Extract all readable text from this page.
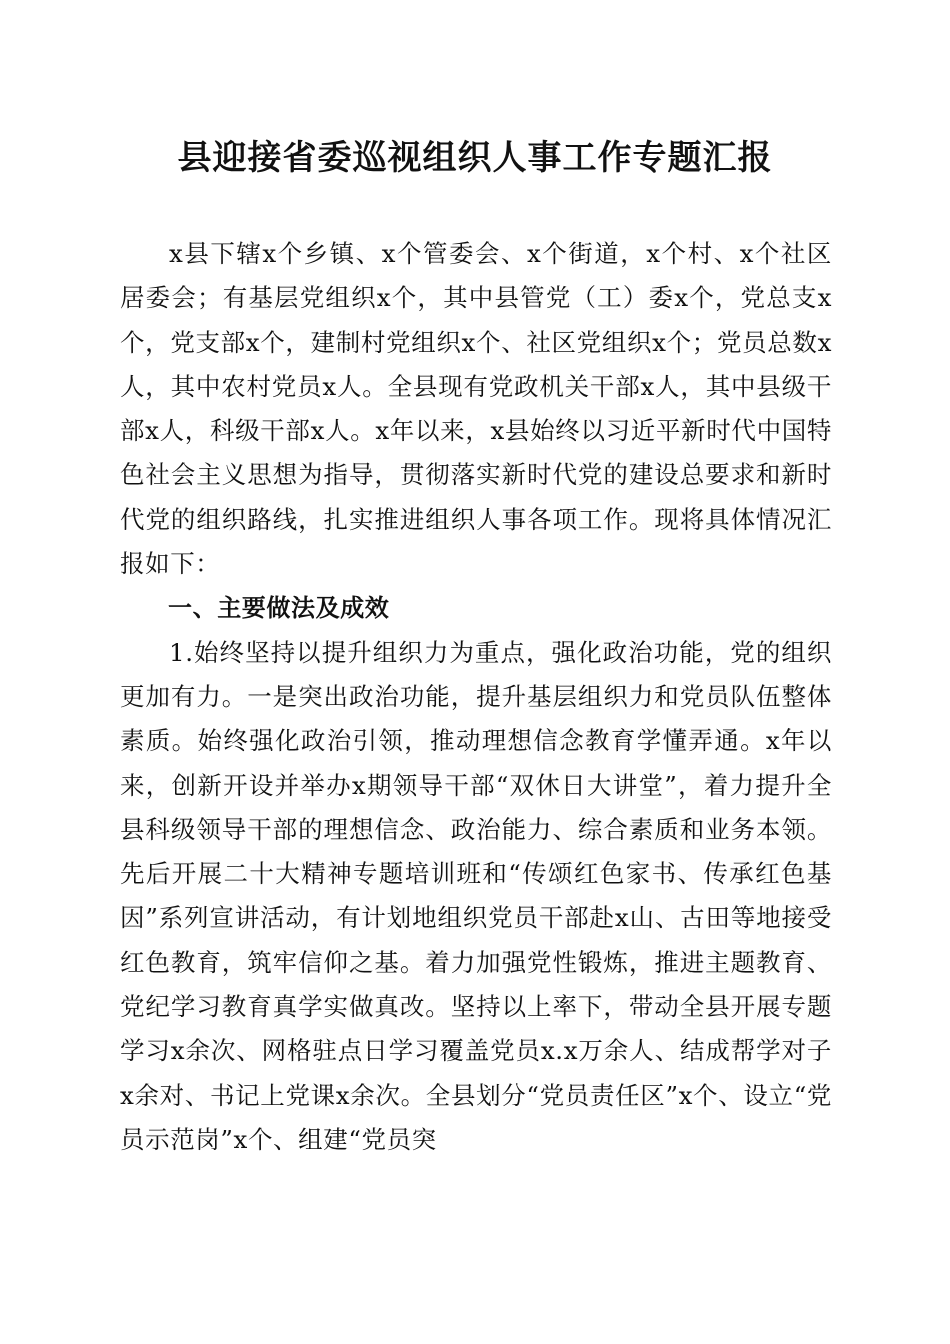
县迎接省委巡视组织人事工作专题汇报

x县下辖x个乡镇、x个管委会、x个街道，x个村、x个社区居委会；有基层党组织x个，其中县管党（工）委x个，党总支x个，党支部x个，建制村党组织x个、社区党组织x个；党员总数x人，其中农村党员x人。全县现有党政机关干部x人，其中县级干部x人，科级干部x人。x年以来，x县始终以习近平新时代中国特色社会主义思想为指导，贯彻落实新时代党的建设总要求和新时代党的组织路线，扎实推进组织人事各项工作。现将具体情况汇报如下：

一、主要做法及成效

1.始终坚持以提升组织力为重点，强化政治功能，党的组织更加有力。一是突出政治功能，提升基层组织力和党员队伍整体素质。始终强化政治引领，推动理想信念教育学懂弄通。x年以来，创新开设并举办x期领导干部“双休日大讲堂”，着力提升全县科级领导干部的理想信念、政治能力、综合素质和业务本领。先后开展二十大精神专题培训班和“传颂红色家书、传承红色基因”系列宣讲活动，有计划地组织党员干部赴x山、古田等地接受红色教育，筑牢信仰之基。着力加强党性锻炼，推进主题教育、党纪学习教育真学实做真改。坚持以上率下，带动全县开展专题学习x余次、网格驻点日学习覆盖党员x.x万余人、结成帮学对子x余对、书记上党课x余次。全县划分“党员责任区”x个、设立“党员示范岗”x个、组建“党员突
